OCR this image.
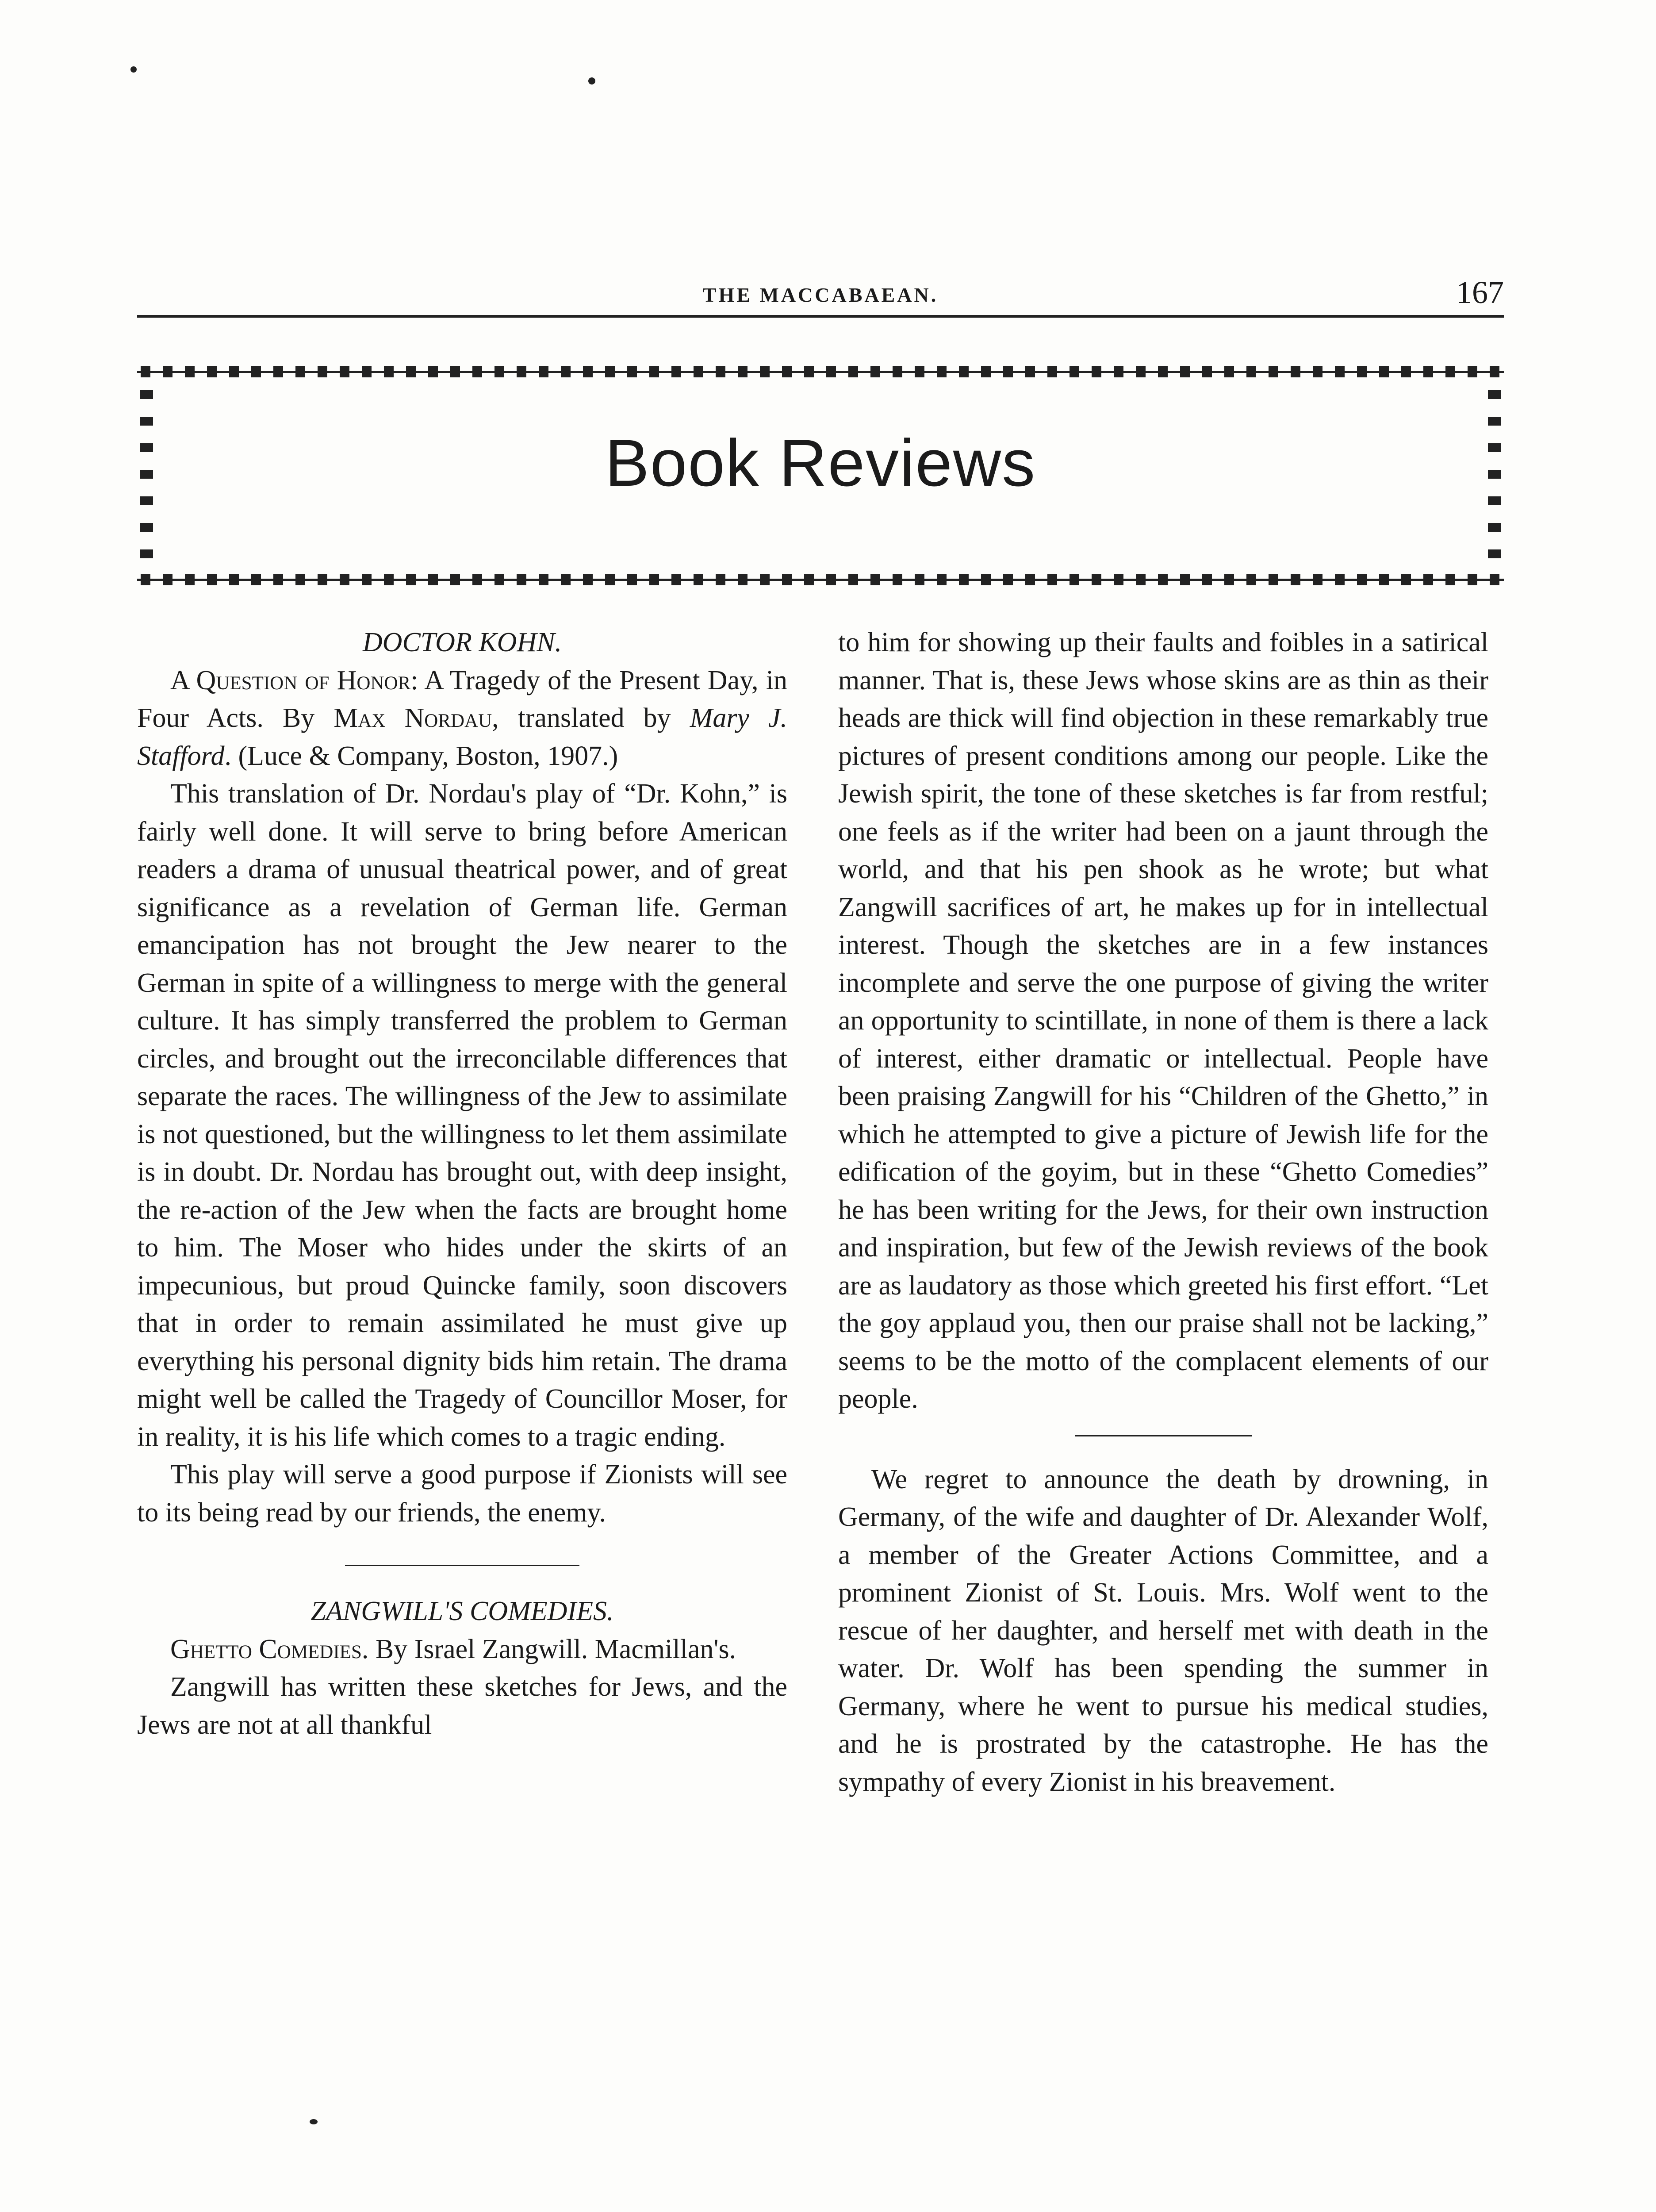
THE MACCABAEAN.	167
Book Reviews

DOCTOR KOHN.

A Question of Honor: A Tragedy of the Present Day, in Four Acts. By Max Nordau, translated by Mary J. Stafford. (Luce & Company, Boston, 1907.)

This translation of Dr. Nordau's play of “Dr. Kohn,” is fairly well done. It will serve to bring before American readers a drama of unusual theatrical power, and of great significance as a revelation of German life. German emancipation has not brought the Jew nearer to the German in spite of a willingness to merge with the general culture. It has simply transferred the problem to German circles, and brought out the irreconcilable differences that separate the races. The willingness of the Jew to assimilate is not questioned, but the willingness to let them assimilate is in doubt. Dr. Nordau has brought out, with deep insight, the re-action of the Jew when the facts are brought home to him. The Moser who hides under the skirts of an impecunious, but proud Quincke family, soon discovers that in order to remain assimilated he must give up everything his personal dignity bids him retain. The drama might well be called the Tragedy of Councillor Moser, for in reality, it is his life which comes to a tragic ending.

This play will serve a good purpose if Zionists will see to its being read by our friends, the enemy.

ZANGWILL'S COMEDIES.

Ghetto Comedies. By Israel Zangwill. Macmillan's.

Zangwill has written these sketches for Jews, and the Jews are not at all thankful

to him for showing up their faults and foibles in a satirical manner. That is, these Jews whose skins are as thin as their heads are thick will find objection in these remarkably true pictures of present conditions among our people. Like the Jewish spirit, the tone of these sketches is far from restful; one feels as if the writer had been on a jaunt through the world, and that his pen shook as he wrote; but what Zangwill sacrifices of art, he makes up for in intellectual interest. Though the sketches are in a few instances incomplete and serve the one purpose of giving the writer an opportunity to scintillate, in none of them is there a lack of interest, either dramatic or intellectual. People have been praising Zangwill for his “Children of the Ghetto,” in which he attempted to give a picture of Jewish life for the edification of the goyim, but in these “Ghetto Comedies” he has been writing for the Jews, for their own instruction and inspiration, but few of the Jewish reviews of the book are as laudatory as those which greeted his first effort. “Let the goy applaud you, then our praise shall not be lacking,” seems to be the motto of the complacent elements of our people.

We regret to announce the death by drowning, in Germany, of the wife and daughter of Dr. Alexander Wolf, a member of the Greater Actions Committee, and a prominent Zionist of St. Louis. Mrs. Wolf went to the rescue of her daughter, and herself met with death in the water. Dr. Wolf has been spending the summer in Germany, where he went to pursue his medical studies, and he is prostrated by the catastrophe. He has the sympathy of every Zionist in his breavement.
